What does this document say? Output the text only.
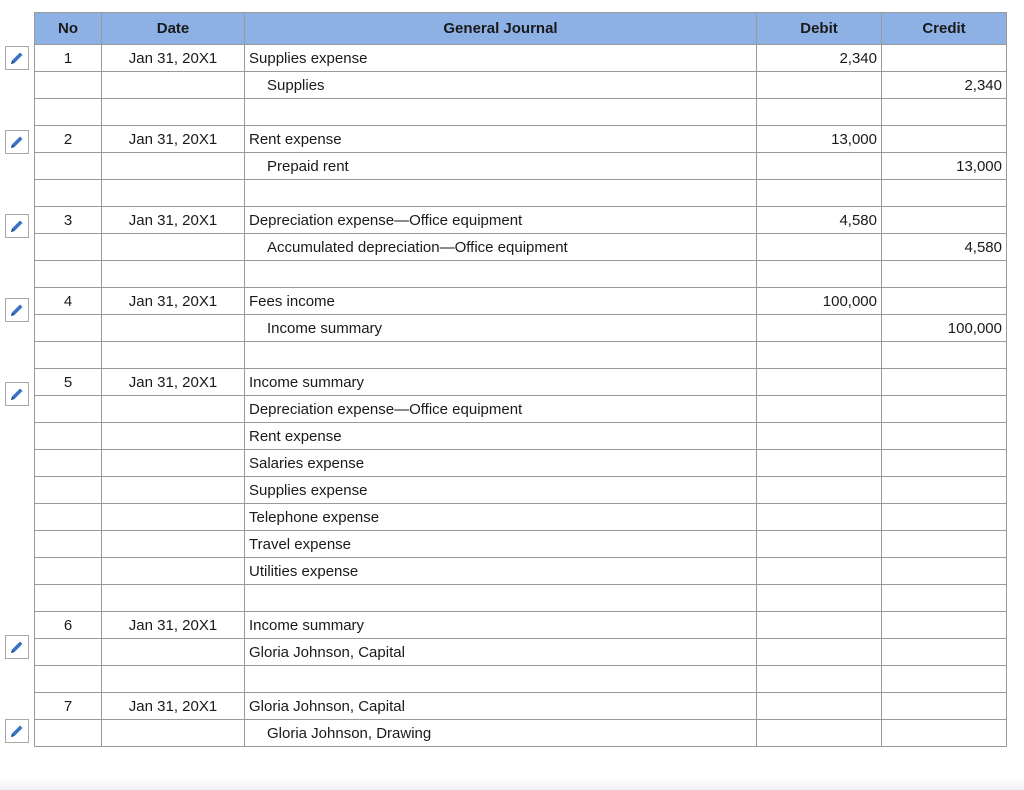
No	Date	General Journal	Debit	Credit
1	Jan 31, 20X1	Supplies expense	2,340	
		Supplies		2,340

2	Jan 31, 20X1	Rent expense	13,000	
		Prepaid rent		13,000

3	Jan 31, 20X1	Depreciation expense—Office equipment	4,580	
		Accumulated depreciation—Office equipment		4,580

4	Jan 31, 20X1	Fees income	100,000	
		Income summary		100,000

5	Jan 31, 20X1	Income summary		
		Depreciation expense—Office equipment		
		Rent expense		
		Salaries expense		
		Supplies expense		
		Telephone expense		
		Travel expense		
		Utilities expense		

6	Jan 31, 20X1	Income summary		
		Gloria Johnson, Capital		

7	Jan 31, 20X1	Gloria Johnson, Capital		
		Gloria Johnson, Drawing		
